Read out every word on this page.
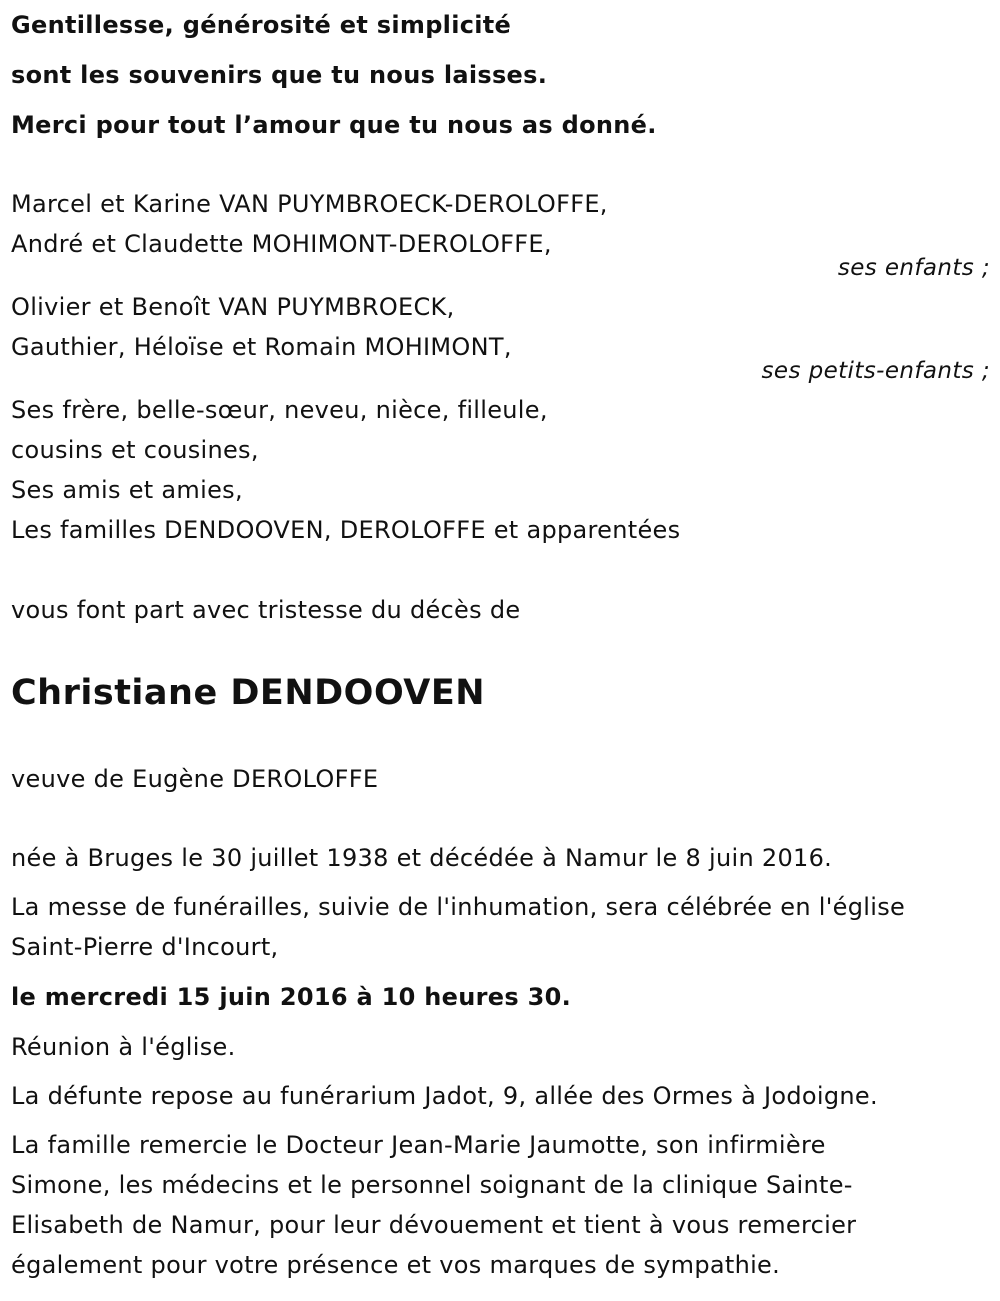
Gentillesse, générosité et simplicité
sont les souvenirs que tu nous laisses.
Merci pour tout l’amour que tu nous as donné.
Marcel et Karine VAN PUYMBROECK-DEROLOFFE,
André et Claudette MOHIMONT-DEROLOFFE,
ses enfants ;
Olivier et Benoît VAN PUYMBROECK,
Gauthier, Héloïse et Romain MOHIMONT,
ses petits-enfants ;
Ses frère, belle-sœur, neveu, nièce, filleule,
cousins et cousines,
Ses amis et amies,
Les familles DENDOOVEN, DEROLOFFE et apparentées
vous font part avec tristesse du décès de
Christiane DENDOOVEN
veuve de Eugène DEROLOFFE
née à Bruges le 30 juillet 1938 et décédée à Namur le 8 juin 2016.
La messe de funérailles, suivie de l'inhumation, sera célébrée en l'église
Saint-Pierre d'Incourt,
le mercredi 15 juin 2016 à 10 heures 30.
Réunion à l'église.
La défunte repose au funérarium Jadot, 9, allée des Ormes à Jodoigne.
La famille remercie le Docteur Jean-Marie Jaumotte, son infirmière
Simone, les médecins et le personnel soignant de la clinique Sainte-
Elisabeth de Namur, pour leur dévouement et tient à vous remercier
également pour votre présence et vos marques de sympathie.
